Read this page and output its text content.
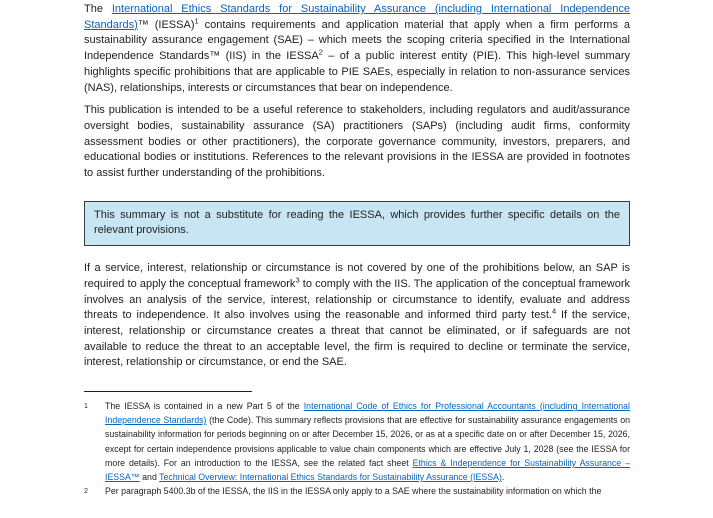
The International Ethics Standards for Sustainability Assurance (including International Independence Standards)™ (IESSA)$^1$ contains requirements and application material that apply when a firm performs a sustainability assurance engagement (SAE) – which meets the scoping criteria specified in the International Independence Standards™ (IIS) in the IESSA$^2$ – of a public interest entity (PIE). This high-level summary highlights specific prohibitions that are applicable to PIE SAEs, especially in relation to non-assurance services (NAS), relationships, interests or circumstances that bear on independence.

This publication is intended to be a useful reference to stakeholders, including regulators and audit/assurance oversight bodies, sustainability assurance (SA) practitioners (SAPs) (including audit firms, conformity assessment bodies or other practitioners), the corporate governance community, investors, preparers, and educational bodies or institutions. References to the relevant provisions in the IESSA are provided in footnotes to assist further understanding of the prohibitions.

This summary is not a substitute for reading the IESSA, which provides further specific details on the relevant provisions.

If a service, interest, relationship or circumstance is not covered by one of the prohibitions below, an SAP is required to apply the conceptual framework$^3$ to comply with the IIS. The application of the conceptual framework involves an analysis of the service, interest, relationship or circumstance to identify, evaluate and address threats to independence. It also involves using the reasonable and informed third party test.$^4$ If the service, interest, relationship or circumstance creates a threat that cannot be eliminated, or if safeguards are not available to reduce the threat to an acceptable level, the firm is required to decline or terminate the service, interest, relationship or circumstance, or end the SAE.

1	The IESSA is contained in a new Part 5 of the International Code of Ethics for Professional Accountants (including International Independence Standards) (the Code). This summary reflects provisions that are effective for sustainability assurance engagements on sustainability information for periods beginning on or after December 15, 2026, or as at a specific date on or after December 15, 2026, except for certain independence provisions applicable to value chain components which are effective July 1, 2028 (see the IESSA for more details). For an introduction to the IESSA, see the related fact sheet Ethics & Independence for Sustainability Assurance – IESSA™ and Technical Overview: International Ethics Standards for Sustainability Assurance (IESSA).
2	Per paragraph 5400.3b of the IESSA, the IIS in the IESSA only apply to a SAE where the sustainability information on which the
